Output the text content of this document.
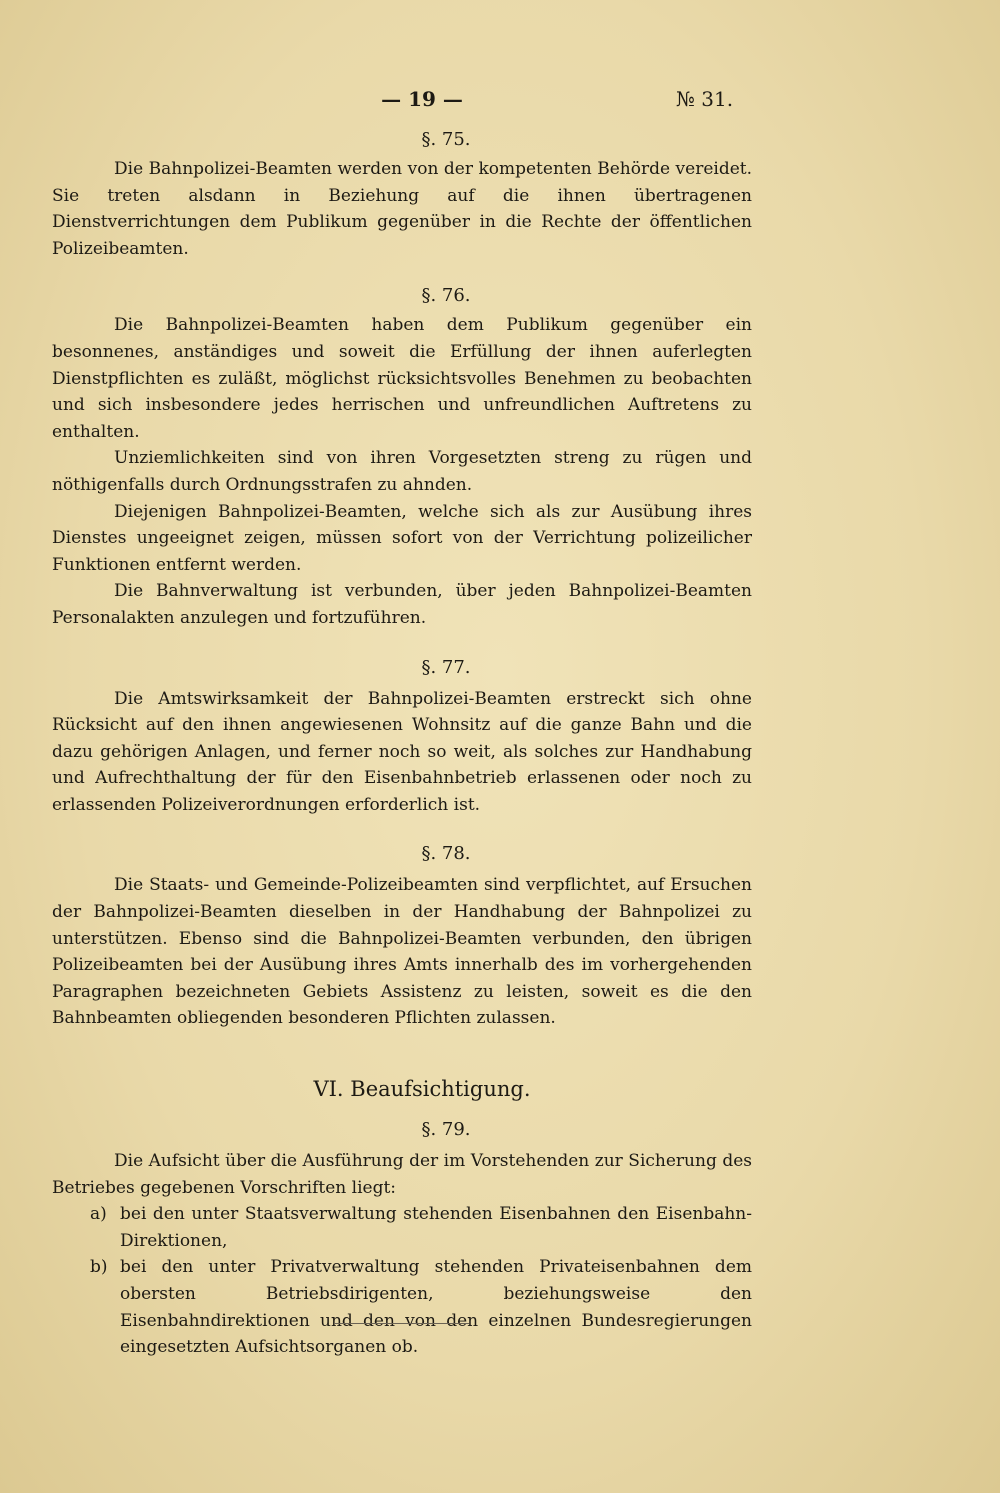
— 19 —	№ 31.
§. 75.

Die Bahnpolizei-Beamten werden von der kompetenten Behörde vereidet. Sie treten alsdann in Beziehung auf die ihnen übertragenen Dienstverrichtungen dem Publikum gegenüber in die Rechte der öffentlichen Polizeibeamten.

§. 76.

Die Bahnpolizei-Beamten haben dem Publikum gegenüber ein besonnenes, anständiges und soweit die Erfüllung der ihnen auferlegten Dienstpflichten es zuläßt, möglichst rücksichtsvolles Benehmen zu beobachten und sich insbesondere jedes herrischen und unfreundlichen Auftretens zu enthalten.

Unziemlichkeiten sind von ihren Vorgesetzten streng zu rügen und nöthigenfalls durch Ordnungsstrafen zu ahnden.

Diejenigen Bahnpolizei-Beamten, welche sich als zur Ausübung ihres Dienstes ungeeignet zeigen, müssen sofort von der Verrichtung polizeilicher Funktionen entfernt werden.

Die Bahnverwaltung ist verbunden, über jeden Bahnpolizei-Beamten Personalakten anzulegen und fortzuführen.

§. 77.

Die Amtswirksamkeit der Bahnpolizei-Beamten erstreckt sich ohne Rücksicht auf den ihnen angewiesenen Wohnsitz auf die ganze Bahn und die dazu gehörigen Anlagen, und ferner noch so weit, als solches zur Handhabung und Aufrechthaltung der für den Eisenbahnbetrieb erlassenen oder noch zu erlassenden Polizeiverordnungen erforderlich ist.

§. 78.

Die Staats- und Gemeinde-Polizeibeamten sind verpflichtet, auf Ersuchen der Bahnpolizei-Beamten dieselben in der Handhabung der Bahnpolizei zu unterstützen. Ebenso sind die Bahnpolizei-Beamten verbunden, den übrigen Polizeibeamten bei der Ausübung ihres Amts innerhalb des im vorhergehenden Paragraphen bezeichneten Gebiets Assistenz zu leisten, soweit es die den Bahnbeamten obliegenden besonderen Pflichten zulassen.

VI. Beaufsichtigung.
§. 79.

Die Aufsicht über die Ausführung der im Vorstehenden zur Sicherung des Betriebes gegebenen Vorschriften liegt:

a) bei den unter Staatsverwaltung stehenden Eisenbahnen den Eisenbahn-Direktionen,
b) bei den unter Privatverwaltung stehenden Privateisenbahnen dem obersten Betriebsdirigenten, beziehungsweise den Eisenbahndirektionen und den von den einzelnen Bundesregierungen eingesetzten Aufsichtsorganen ob.
